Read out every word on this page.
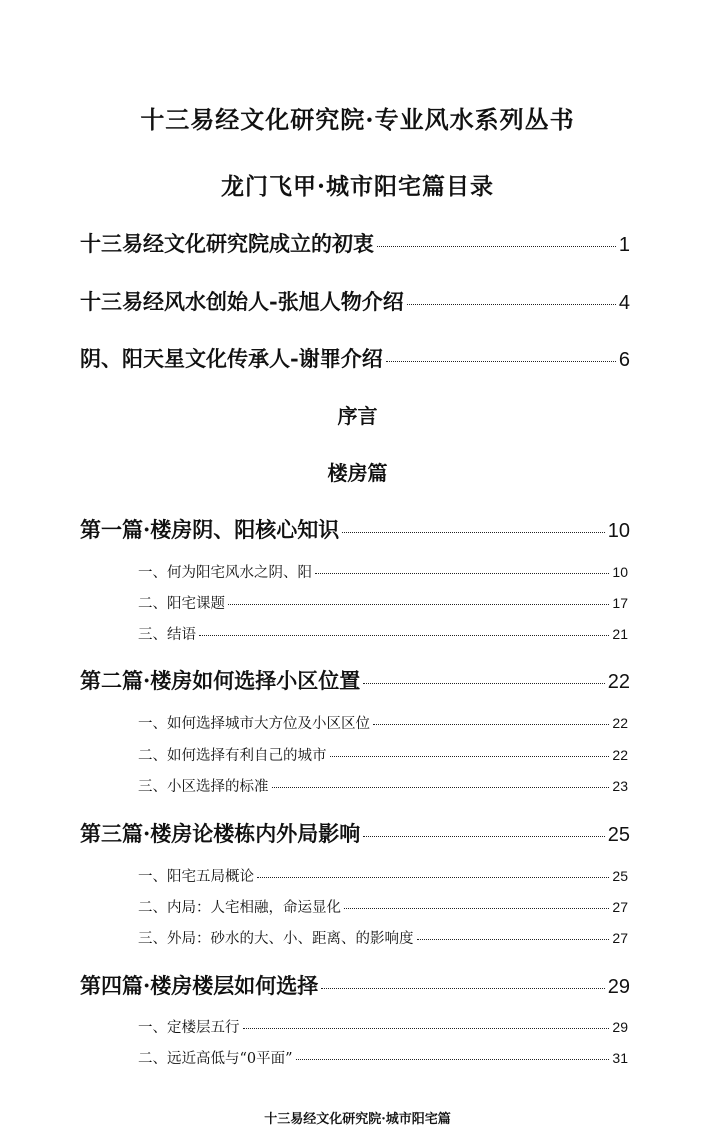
十三易经文化研究院·专业风水系列丛书
龙门飞甲·城市阳宅篇目录
十三易经文化研究院成立的初衷	1
十三易经风水创始人-张旭人物介绍	4
阴、阳天星文化传承人-谢罪介绍	6
序言
楼房篇
第一篇·楼房阴、阳核心知识	10
一、何为阳宅风水之阴、阳	10
二、阳宅课题	17
三、结语	21
第二篇·楼房如何选择小区位置	22
一、如何选择城市大方位及小区区位	22
二、如何选择有利自己的城市	22
三、小区选择的标准	23
第三篇·楼房论楼栋内外局影响	25
一、阳宅五局概论	25
二、内局：人宅相融，命运显化	27
三、外局：砂水的大、小、距离、的影响度	27
第四篇·楼房楼层如何选择	29
一、定楼层五行	29
二、远近高低与“0平面”	31
十三易经文化研究院·城市阳宅篇
